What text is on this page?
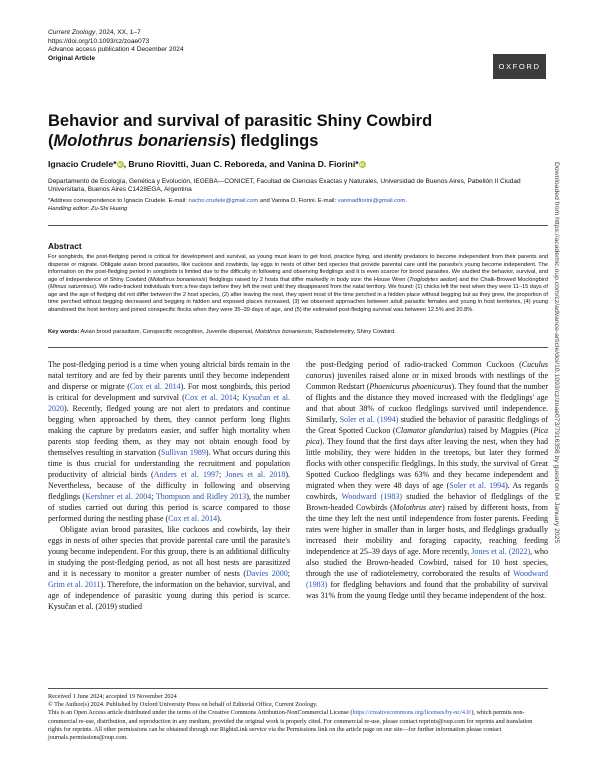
Current Zoology, 2024, XX, 1–7
https://doi.org/10.1093/cz/zoae073
Advance access publication 4 December 2024
Original Article
OXFORD
Behavior and survival of parasitic Shiny Cowbird
(Molothrus bonariensis) fledglings
Ignacio Crudele*iD, Bruno Riovitti, Juan C. Reboreda, and Vanina D. Fiorini*iD
Departamento de Ecología, Genética y Evolución, IEGEBA—CONICET, Facultad de Ciencias Exactas y Naturales, Universidad de Buenos Aires, Pabellón II Ciudad Universitaria, Buenos Aires C1428EGA, Argentina
*Address correspondence to Ignacio Crudele. E-mail: nacho.crudele@gmail.com and Vanina D. Fiorini. E-mail: vaninadfiorini@gmail.com.
Handling editor: Zu-Shi Huang
Abstract
For songbirds, the post-fledging period is critical for development and survival, as young must learn to get food, practice flying, and identify predators to become independent from their parents and disperse or migrate. Obligate avian brood parasites, like cuckoos and cowbirds, lay eggs in nests of other bird species that provide parental care until the parasite's young become independent. The information on the post-fledging period in songbirds is limited due to the difficulty in following and observing fledglings and it is even scarcer for brood parasites. We studied the behavior, survival, and age of independence of Shiny Cowbird (Molothrus bonariensis) fledglings raised by 2 hosts that differ markedly in body size: the House Wren (Troglodytes aedon) and the Chalk-Browed Mockingbird (Mimus saturninus). We radio-tracked individuals from a few days before they left the nest until they disappeared from the natal territory. We found: (1) chicks left the nest when they were 11–15 days of age and the age of fledging did not differ between the 2 host species, (2) after leaving the nest, they spent most of the time perched in a hidden place without begging but as they grew, the proportion of time perched without begging decreased and begging in hidden and exposed places increased, (3) we observed approaches between adult parasitic females and young in host territories, (4) young abandoned the host territory and joined conspecific flocks when they were 35–39 days of age, and (5) the estimated post-fledging survival was between 12.5% and 20.8%.
Key words: Avian brood parasitism, Conspecific recognition, Juvenile dispersal, Molothrus bonariensis, Radiotelemetry, Shiny Cowbird.

The post-fledging period is a time when young altricial birds remain in the natal territory and are fed by their parents until they become independent and disperse or migrate (Cox et al. 2014). For most songbirds, this period is critical for development and survival (Cox et al. 2014; Kysučan et al. 2020). Recently, fledged young are not alert to predators and continue begging when approached by them, they cannot perform long flights making the capture by predators easier, and suffer high mortality when parents stop feeding them, as they may not obtain enough food by themselves resulting in starvation (Sullivan 1989). What occurs during this time is thus crucial for understanding the recruitment and population productivity of altricial birds (Anders et al. 1997; Jones et al. 2018). Nevertheless, because of the difficulty in following and observing fledglings (Kershner et al. 2004; Thompson and Ridley 2013), the number of studies carried out during this period is scarce compared to those performed during the nestling phase (Cox et al. 2014).

Obligate avian brood parasites, like cuckoos and cowbirds, lay their eggs in nests of other species that provide parental care until the parasite's young become independent. For this group, there is an additional difficulty in studying the post-fledging period, as not all host nests are parasitized and it is necessary to monitor a greater number of nests (Davies 2000; Grim et al. 2011). Therefore, the information on the behavior, survival, and age of independence of parasitic young during this period is scarce. Kysučan et al. (2019) studied

the post-fledging period of radio-tracked Common Cuckoos (Cuculus canorus) juveniles raised alone or in mixed broods with nestlings of the Common Redstart (Phoenicurus phoenicurus). They found that the number of flights and the distance they moved increased with the fledglings' age and that about 38% of cuckoo fledglings survived until independence. Similarly, Soler et al. (1994) studied the behavior of parasitic fledglings of the Great Spotted Cuckoo (Clamator glandarius) raised by Magpies (Pica pica). They found that the first days after leaving the nest, when they had little mobility, they were hidden in the treetops, but later they formed flocks with other conspecific fledglings. In this study, the survival of Great Spotted Cuckoo fledglings was 63% and they became independent and migrated when they were 48 days of age (Soler et al. 1994). As regards cowbirds, Woodward (1983) studied the behavior of fledglings of the Brown-headed Cowbirds (Molothrus ater) raised by different hosts, from the time they left the nest until independence from foster parents. Feeding rates were higher in smaller than in larger hosts, and fledglings gradually increased their mobility and foraging capacity, reaching feeding independence at 25–39 days of age. More recently, Jones et al. (2022), who also studied the Brown-headed Cowbird, raised for 10 host species, through the use of radiotelemetry, corroborated the results of Woodward (1983) for fledgling behaviors and found that the probability of survival was 31% from the young fledge until they became independent of the host.

Downloaded from https://academic.oup.com/cz/advance-article/doi/10.1093/cz/zoae073/7916358 by guest on 04 January 2025
Received 1 June 2024; accepted 19 November 2024
© The Author(s) 2024. Published by Oxford University Press on behalf of Editorial Office, Current Zoology.
This is an Open Access article distributed under the terms of the Creative Commons Attribution-NonCommercial License (https://creativecommons.org/licenses/by-nc/4.0/), which permits non-commercial re-use, distribution, and reproduction in any medium, provided the original work is properly cited. For commercial re-use, please contact reprints@oup.com for reprints and translation rights for reprints. All other permissions can be obtained through our RightsLink service via the Permissions link on the article page on our site—for further information please contact journals.permissions@oup.com.
